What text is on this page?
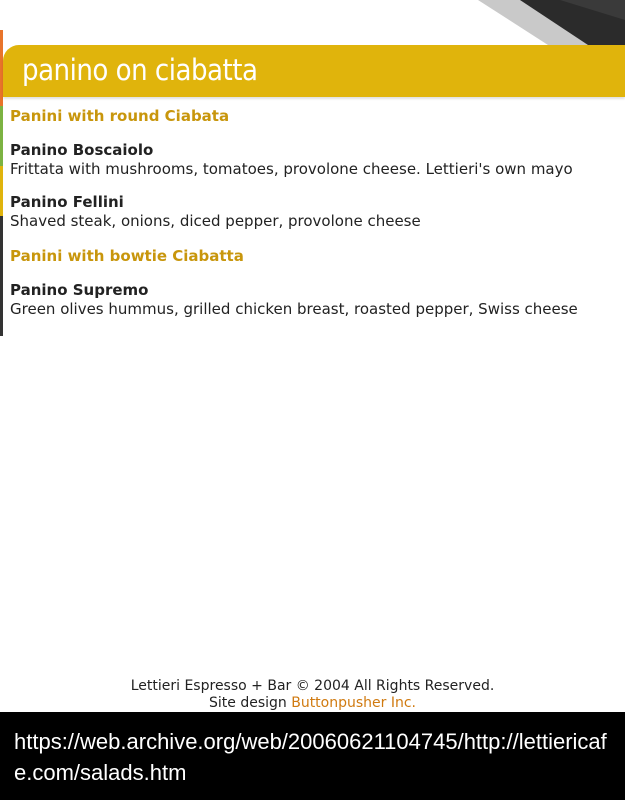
panino on ciabatta
Panini with round Ciabata
Panino Boscaiolo
Frittata with mushrooms, tomatoes, provolone cheese. Lettieri's own mayo
Panino Fellini
Shaved steak, onions, diced pepper, provolone cheese
Panini with bowtie Ciabatta
Panino Supremo
Green olives hummus, grilled chicken breast, roasted pepper, Swiss cheese
Lettieri Espresso + Bar © 2004 All Rights Reserved.
Site design Buttonpusher Inc.
https://web.archive.org/web/20060621104745/http://lettiericafe.com/salads.htm
